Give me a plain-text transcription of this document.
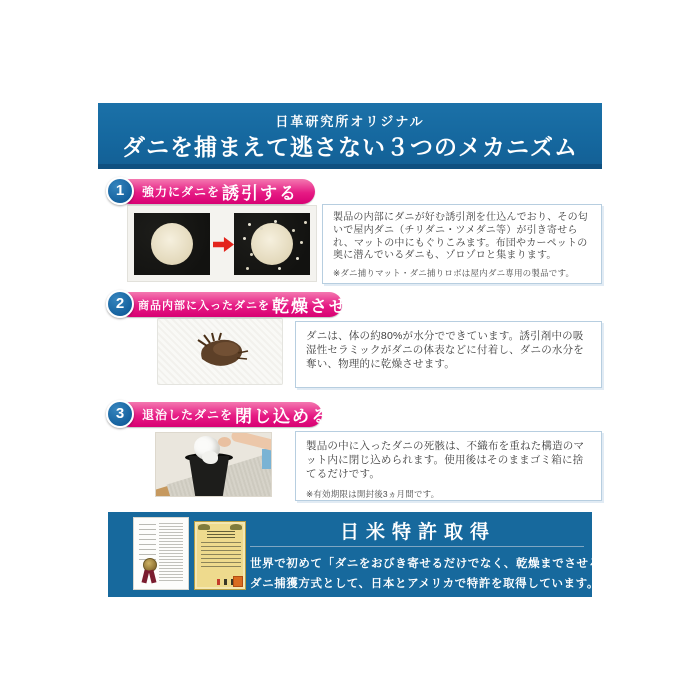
日革研究所オリジナル
ダニを捕まえて逃さない３つのメカニズム
1	強力にダニを 誘引する
製品の内部にダニが好む誘引剤を仕込んでおり、その匂いで屋内ダニ（チリダニ・ツメダニ等）が引き寄せられ、マットの中にもぐりこみます。布団やカーペットの奥に潜んでいるダニも、ゾロゾロと集まります。
※ダニ捕りマット・ダニ捕りロボは屋内ダニ専用の製品です。
2	商品内部に入ったダニを 乾燥させる
ダニは、体の約80%が水分でできています。誘引剤中の吸湿性セラミックがダニの体表などに付着し、ダニの水分を奪い、物理的に乾燥させます。
3	退治したダニを 閉じ込める
製品の中に入ったダニの死骸は、不織布を重ねた構造のマット内に閉じ込められます。使用後はそのままゴミ箱に捨てるだけです。
※有効期限は開封後3ヵ月間です。
日米特許取得
世界で初めて「ダニをおびき寄せるだけでなく、乾燥までさせる」
ダニ捕獲方式として、日本とアメリカで特許を取得しています。
